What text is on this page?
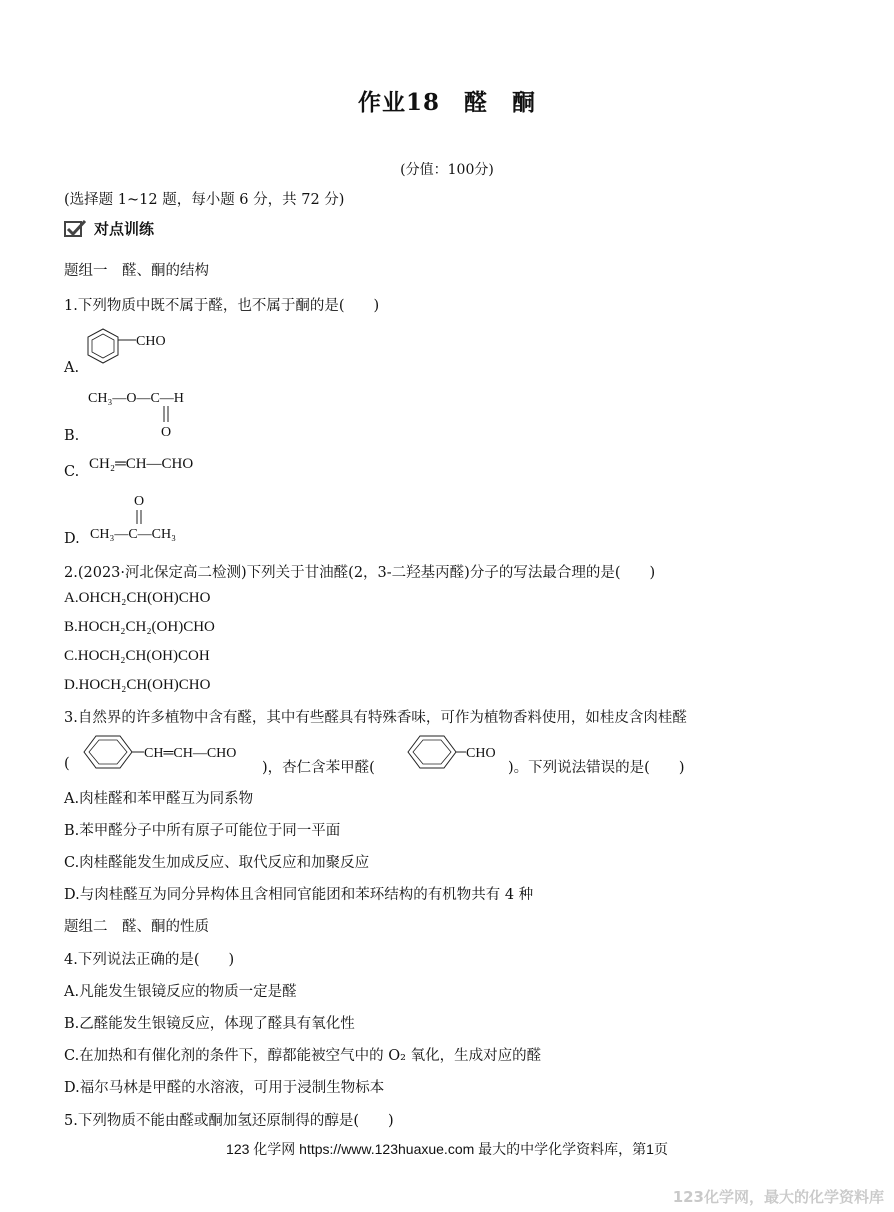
作业18　醛　酮
(分值：100分)
(选择题 1~12 题，每小题 6 分，共 72 分)
对点训练
题组一　醛、酮的结构
1.下列物质中既不属于醛，也不属于酮的是(　　)
A.
CHO
B.
CH₃—O—C—H
O
C. CH₂═CH—CHO
D.
O
CH₃—C—CH₃
2.(2023·河北保定高二检测)下列关于甘油醛(2，3-二羟基丙醛)分子的写法最合理的是(　　)
A.OHCH₂CH(OH)CHO
B.HOCH₂CH₂(OH)CHO
C.HOCH₂CH(OH)COH
D.HOCH₂CH(OH)CHO
3.自然界的许多植物中含有醛，其中有些醛具有特殊香味，可作为植物香料使用，如桂皮含肉桂醛
(
CH═CH—CHO
)，杏仁含苯甲醛(
CHO
)。下列说法错误的是(　　)
A.肉桂醛和苯甲醛互为同系物
B.苯甲醛分子中所有原子可能位于同一平面
C.肉桂醛能发生加成反应、取代反应和加聚反应
D.与肉桂醛互为同分异构体且含相同官能团和苯环结构的有机物共有 4 种
题组二　醛、酮的性质
4.下列说法正确的是(　　)
A.凡能发生银镜反应的物质一定是醛
B.乙醛能发生银镜反应，体现了醛具有氧化性
C.在加热和有催化剂的条件下，醇都能被空气中的 O₂ 氧化，生成对应的醛
D.福尔马林是甲醛的水溶液，可用于浸制生物标本
5.下列物质不能由醛或酮加氢还原制得的醇是(　　)
123 化学网 https://www.123huaxue.com 最大的中学化学资料库，第1页
123化学网，最大的化学资料库
